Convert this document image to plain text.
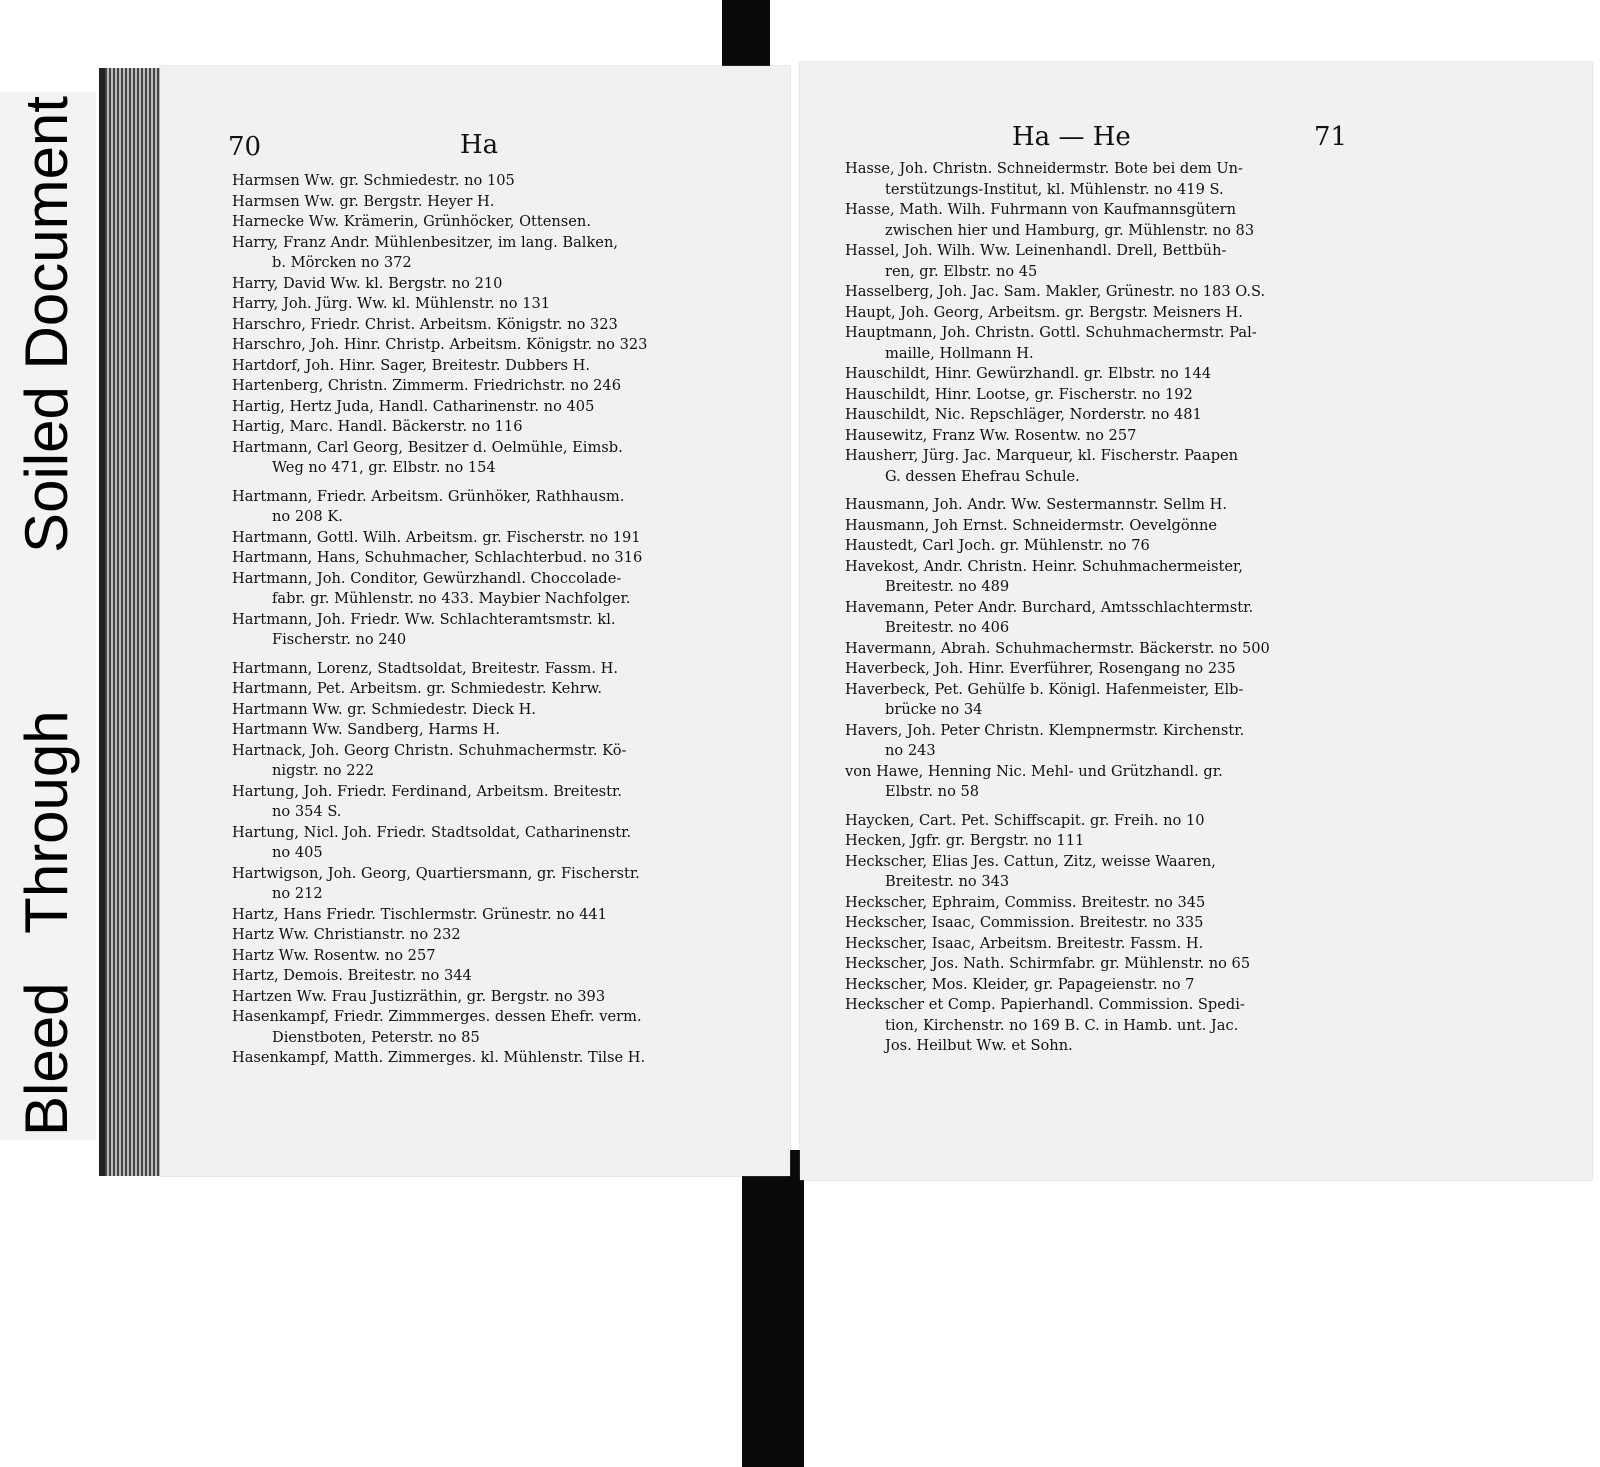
Bleed
Through
Soiled Document	70	Ha
Harmsen Ww. gr. Schmiedestr. no 105
Harmsen Ww. gr. Bergstr. Heyer H.
Harnecke Ww. Krämerin, Grünhöcker, Ottensen.
Harry, Franz Andr. Mühlenbesitzer, im lang. Balken,
b. Mörcken no 372
Harry, David Ww. kl. Bergstr. no 210
Harry, Joh. Jürg. Ww. kl. Mühlenstr. no 131
Harschro, Friedr. Christ. Arbeitsm. Königstr. no 323
Harschro, Joh. Hinr. Christp. Arbeitsm. Königstr. no 323
Hartdorf, Joh. Hinr. Sager, Breitestr. Dubbers H.
Hartenberg, Christn. Zimmerm. Friedrichstr. no 246
Hartig, Hertz Juda, Handl. Catharinenstr. no 405
Hartig, Marc. Handl. Bäckerstr. no 116
Hartmann, Carl Georg, Besitzer d. Oelmühle, Eimsb.
Weg no 471, gr. Elbstr. no 154
Hartmann, Friedr. Arbeitsm. Grünhöker, Rathhausm.
no 208 K.
Hartmann, Gottl. Wilh. Arbeitsm. gr. Fischerstr. no 191
Hartmann, Hans, Schuhmacher, Schlachterbud. no 316
Hartmann, Joh. Conditor, Gewürzhandl. Choccolade-
fabr. gr. Mühlenstr. no 433. Maybier Nachfolger.
Hartmann, Joh. Friedr. Ww. Schlachteramtsmstr. kl.
Fischerstr. no 240
Hartmann, Lorenz, Stadtsoldat, Breitestr. Fassm. H.
Hartmann, Pet. Arbeitsm. gr. Schmiedestr. Kehrw.
Hartmann Ww. gr. Schmiedestr. Dieck H.
Hartmann Ww. Sandberg, Harms H.
Hartnack, Joh. Georg Christn. Schuhmachermstr. Kö-
nigstr. no 222
Hartung, Joh. Friedr. Ferdinand, Arbeitsm. Breitestr.
no 354 S.
Hartung, Nicl. Joh. Friedr. Stadtsoldat, Catharinenstr.
no 405
Hartwigson, Joh. Georg, Quartiersmann, gr. Fischerstr.
no 212
Hartz, Hans Friedr. Tischlermstr. Grünestr. no 441
Hartz Ww. Christianstr. no 232
Hartz Ww. Rosentw. no 257
Hartz, Demois. Breitestr. no 344
Hartzen Ww. Frau Justizräthin, gr. Bergstr. no 393
Hasenkampf, Friedr. Zimmmerges. dessen Ehefr. verm.
Dienstboten, Peterstr. no 85
Hasenkampf, Matth. Zimmerges. kl. Mühlenstr. Tilse H.
Ha — He	71
Hasse, Joh. Christn. Schneidermstr. Bote bei dem Un-
terstützungs-Institut, kl. Mühlenstr. no 419 S.
Hasse, Math. Wilh. Fuhrmann von Kaufmannsgütern
zwischen hier und Hamburg, gr. Mühlenstr. no 83
Hassel, Joh. Wilh. Ww. Leinenhandl. Drell, Bettbüh-
ren, gr. Elbstr. no 45
Hasselberg, Joh. Jac. Sam. Makler, Grünestr. no 183 O.S.
Haupt, Joh. Georg, Arbeitsm. gr. Bergstr. Meisners H.
Hauptmann, Joh. Christn. Gottl. Schuhmachermstr. Pal-
maille, Hollmann H.
Hauschildt, Hinr. Gewürzhandl. gr. Elbstr. no 144
Hauschildt, Hinr. Lootse, gr. Fischerstr. no 192
Hauschildt, Nic. Repschläger, Norderstr. no 481
Hausewitz, Franz Ww. Rosentw. no 257
Hausherr, Jürg. Jac. Marqueur, kl. Fischerstr. Paapen
G. dessen Ehefrau Schule.
Hausmann, Joh. Andr. Ww. Sestermannstr. Sellm H.
Hausmann, Joh Ernst. Schneidermstr. Oevelgönne
Haustedt, Carl Joch. gr. Mühlenstr. no 76
Havekost, Andr. Christn. Heinr. Schuhmachermeister,
Breitestr. no 489
Havemann, Peter Andr. Burchard, Amtsschlachtermstr.
Breitestr. no 406
Havermann, Abrah. Schuhmachermstr. Bäckerstr. no 500
Haverbeck, Joh. Hinr. Everführer, Rosengang no 235
Haverbeck, Pet. Gehülfe b. Königl. Hafenmeister, Elb-
brücke no 34
Havers, Joh. Peter Christn. Klempnermstr. Kirchenstr.
no 243
von Hawe, Henning Nic. Mehl- und Grützhandl. gr.
Elbstr. no 58
Haycken, Cart. Pet. Schiffscapit. gr. Freih. no 10
Hecken, Jgfr. gr. Bergstr. no 111
Heckscher, Elias Jes. Cattun, Zitz, weisse Waaren,
Breitestr. no 343
Heckscher, Ephraim, Commiss. Breitestr. no 345
Heckscher, Isaac, Commission. Breitestr. no 335
Heckscher, Isaac, Arbeitsm. Breitestr. Fassm. H.
Heckscher, Jos. Nath. Schirmfabr. gr. Mühlenstr. no 65
Heckscher, Mos. Kleider, gr. Papageienstr. no 7
Heckscher et Comp. Papierhandl. Commission. Spedi-
tion, Kirchenstr. no 169 B. C. in Hamb. unt. Jac.
Jos. Heilbut Ww. et Sohn.
